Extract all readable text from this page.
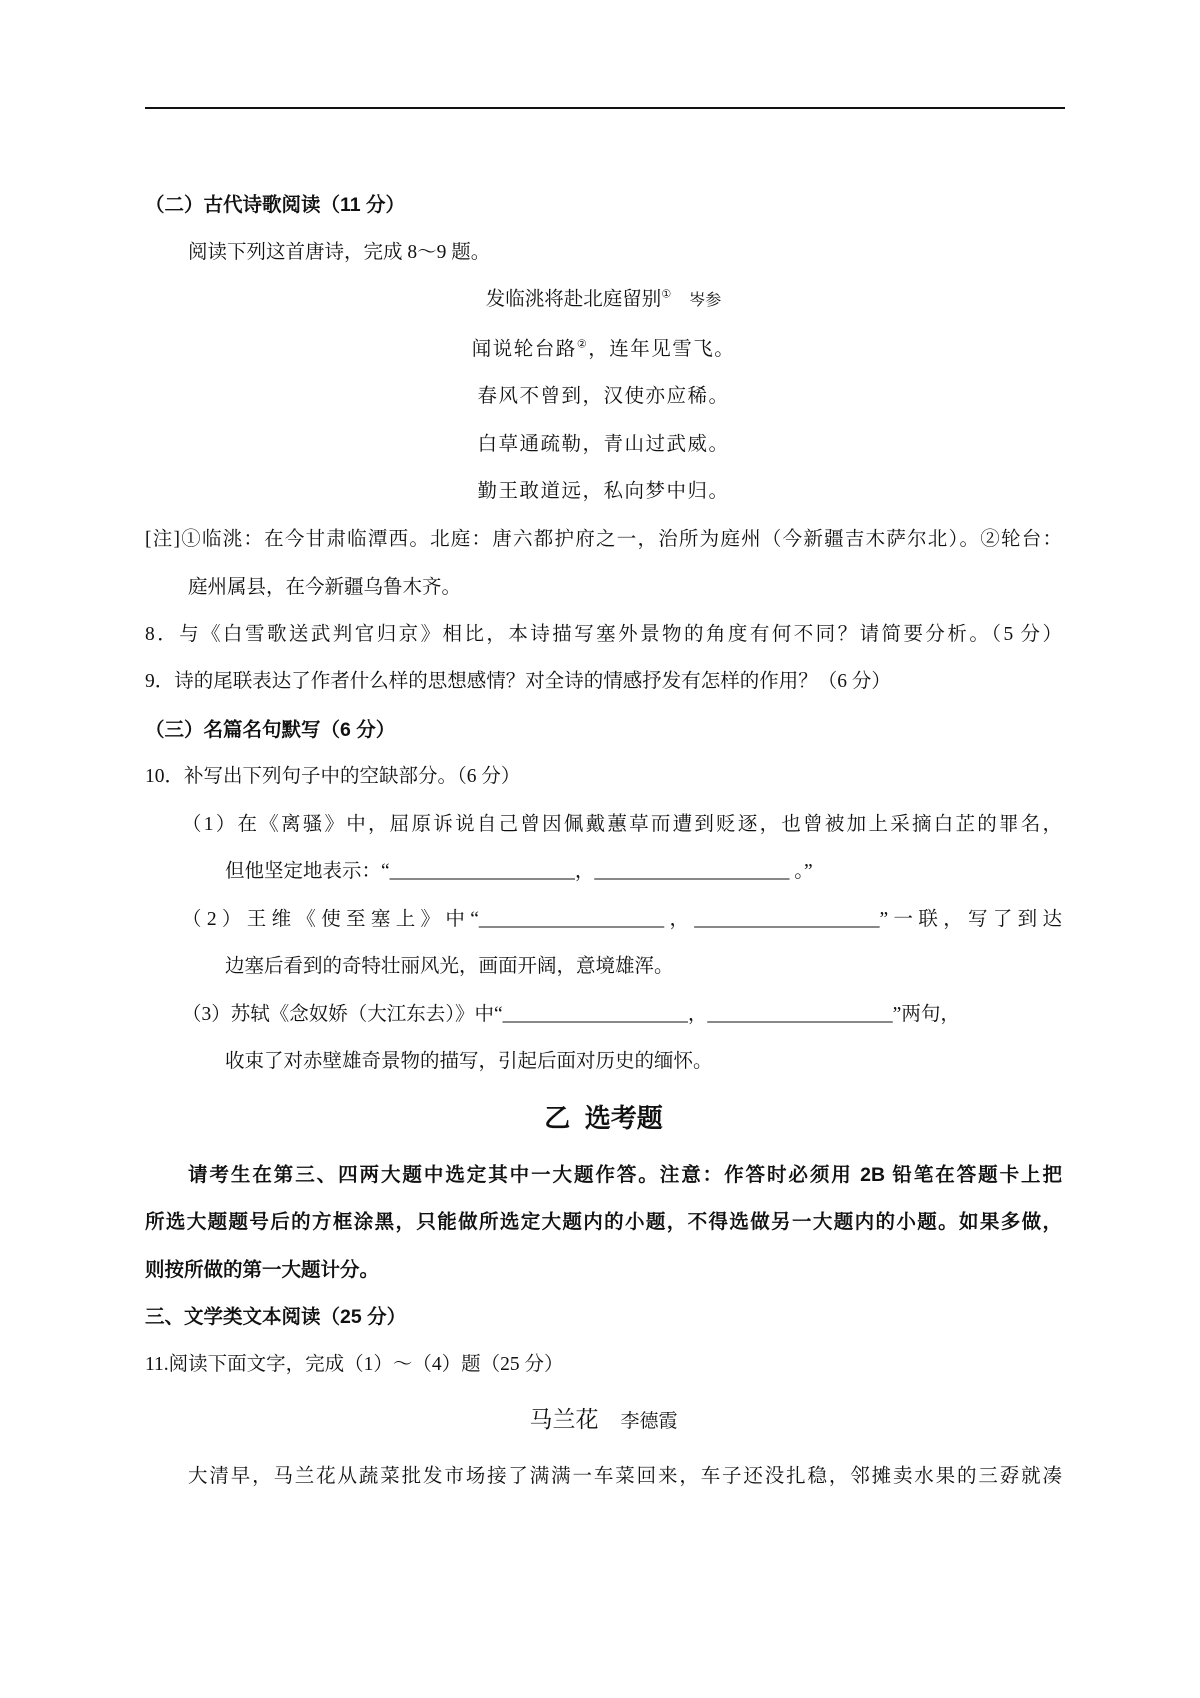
（二）古代诗歌阅读（11 分）
阅读下列这首唐诗，完成 8～9 题。
发临洮将赴北庭留别① 岑参
闻说轮台路②，连年见雪飞。
春风不曾到，汉使亦应稀。
白草通疏勒，青山过武威。
勤王敢道远，私向梦中归。
[注]①临洮：在今甘肃临潭西。北庭：唐六都护府之一，治所为庭州（今新疆吉木萨尔北）。②轮台：
庭州属县，在今新疆乌鲁木齐。
8．与《白雪歌送武判官归京》相比，本诗描写塞外景物的角度有何不同？请简要分析。（5 分）
9．诗的尾联表达了作者什么样的思想感情？对全诗的情感抒发有怎样的作用？（6 分）
（三）名篇名句默写（6 分）
10．补写出下列句子中的空缺部分。（6 分）
（1）在《离骚》中，屈原诉说自己曾因佩戴蕙草而遭到贬逐，也曾被加上采摘白芷的罪名，
但他坚定地表示：“___________________，____________________ 。”
（2）王维《使至塞上》中“___________________，___________________”一联，写了到达
边塞后看到的奇特壮丽风光，画面开阔，意境雄浑。
（3）苏轼《念奴娇（大江东去）》中“___________________，___________________”两句，
收束了对赤壁雄奇景物的描写，引起后面对历史的缅怀。
乙  选考题
请考生在第三、四两大题中选定其中一大题作答。注意：作答时必须用 2B 铅笔在答题卡上把
所选大题题号后的方框涂黑，只能做所选定大题内的小题，不得选做另一大题内的小题。如果多做，
则按所做的第一大题计分。
三、文学类文本阅读（25 分）
11.阅读下面文字，完成（1）～（4）题（25 分）
马兰花 李德霞
大清早，马兰花从蔬菜批发市场接了满满一车菜回来，车子还没扎稳，邻摊卖水果的三孬就凑
